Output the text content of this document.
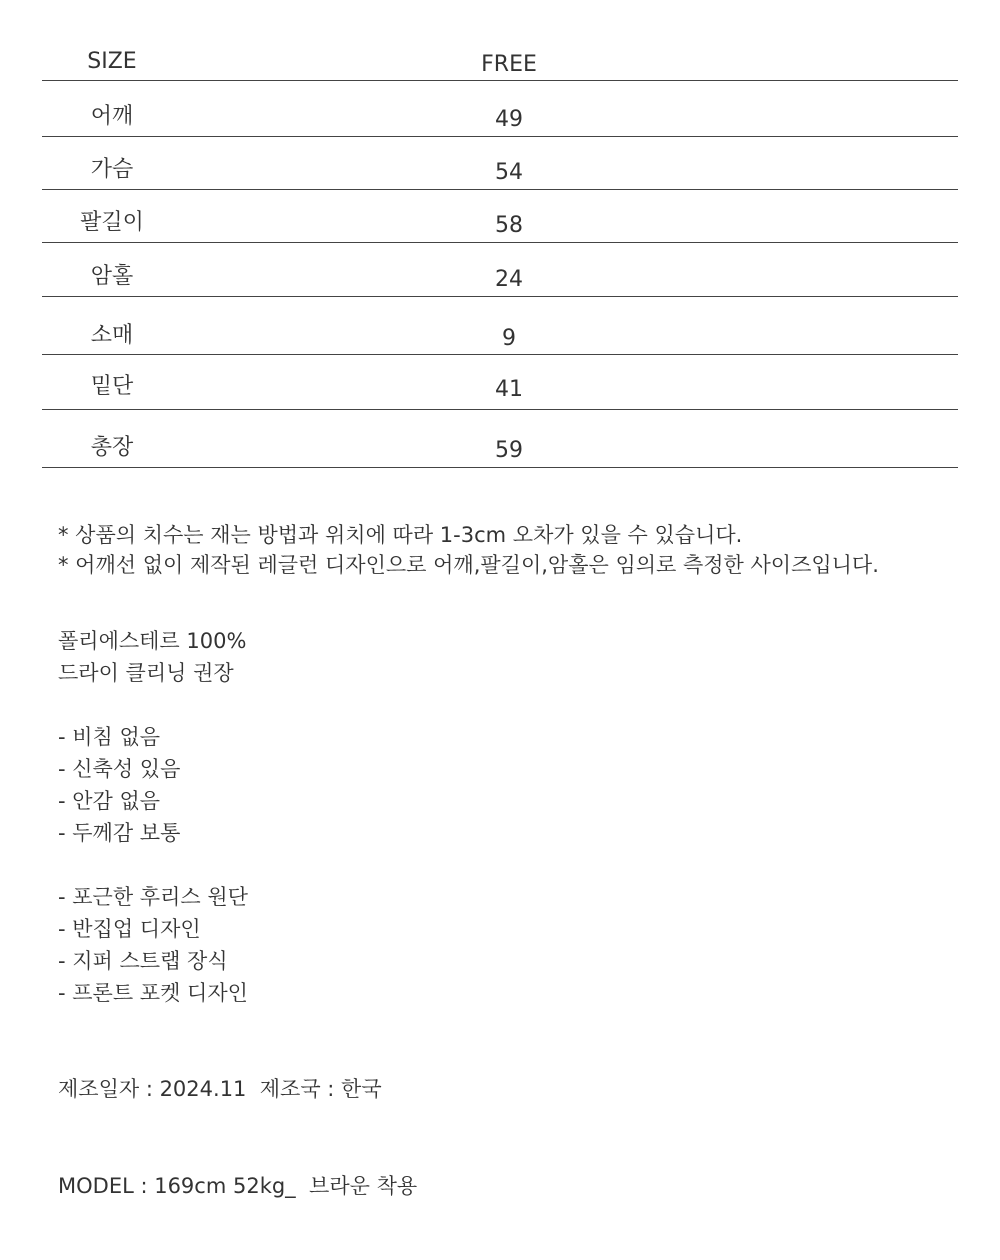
SIZE	FREE
어깨	49
가슴	54
팔길이	58
암홀	24
소매	9
밑단	41
총장	59
* 상품의 치수는 재는 방법과 위치에 따라 1-3cm 오차가 있을 수 있습니다.
* 어깨선 없이 제작된 레글런 디자인으로 어깨,팔길이,암홀은 임의로 측정한 사이즈입니다.
폴리에스테르 100%
드라이 클리닝 권장
- 비침 없음
- 신축성 있음
- 안감 없음
- 두께감 보통
- 포근한 후리스 원단
- 반집업 디자인
- 지퍼 스트랩 장식
- 프론트 포켓 디자인
제조일자 : 2024.11  제조국 : 한국
MODEL : 169cm 52kg_  브라운 착용
